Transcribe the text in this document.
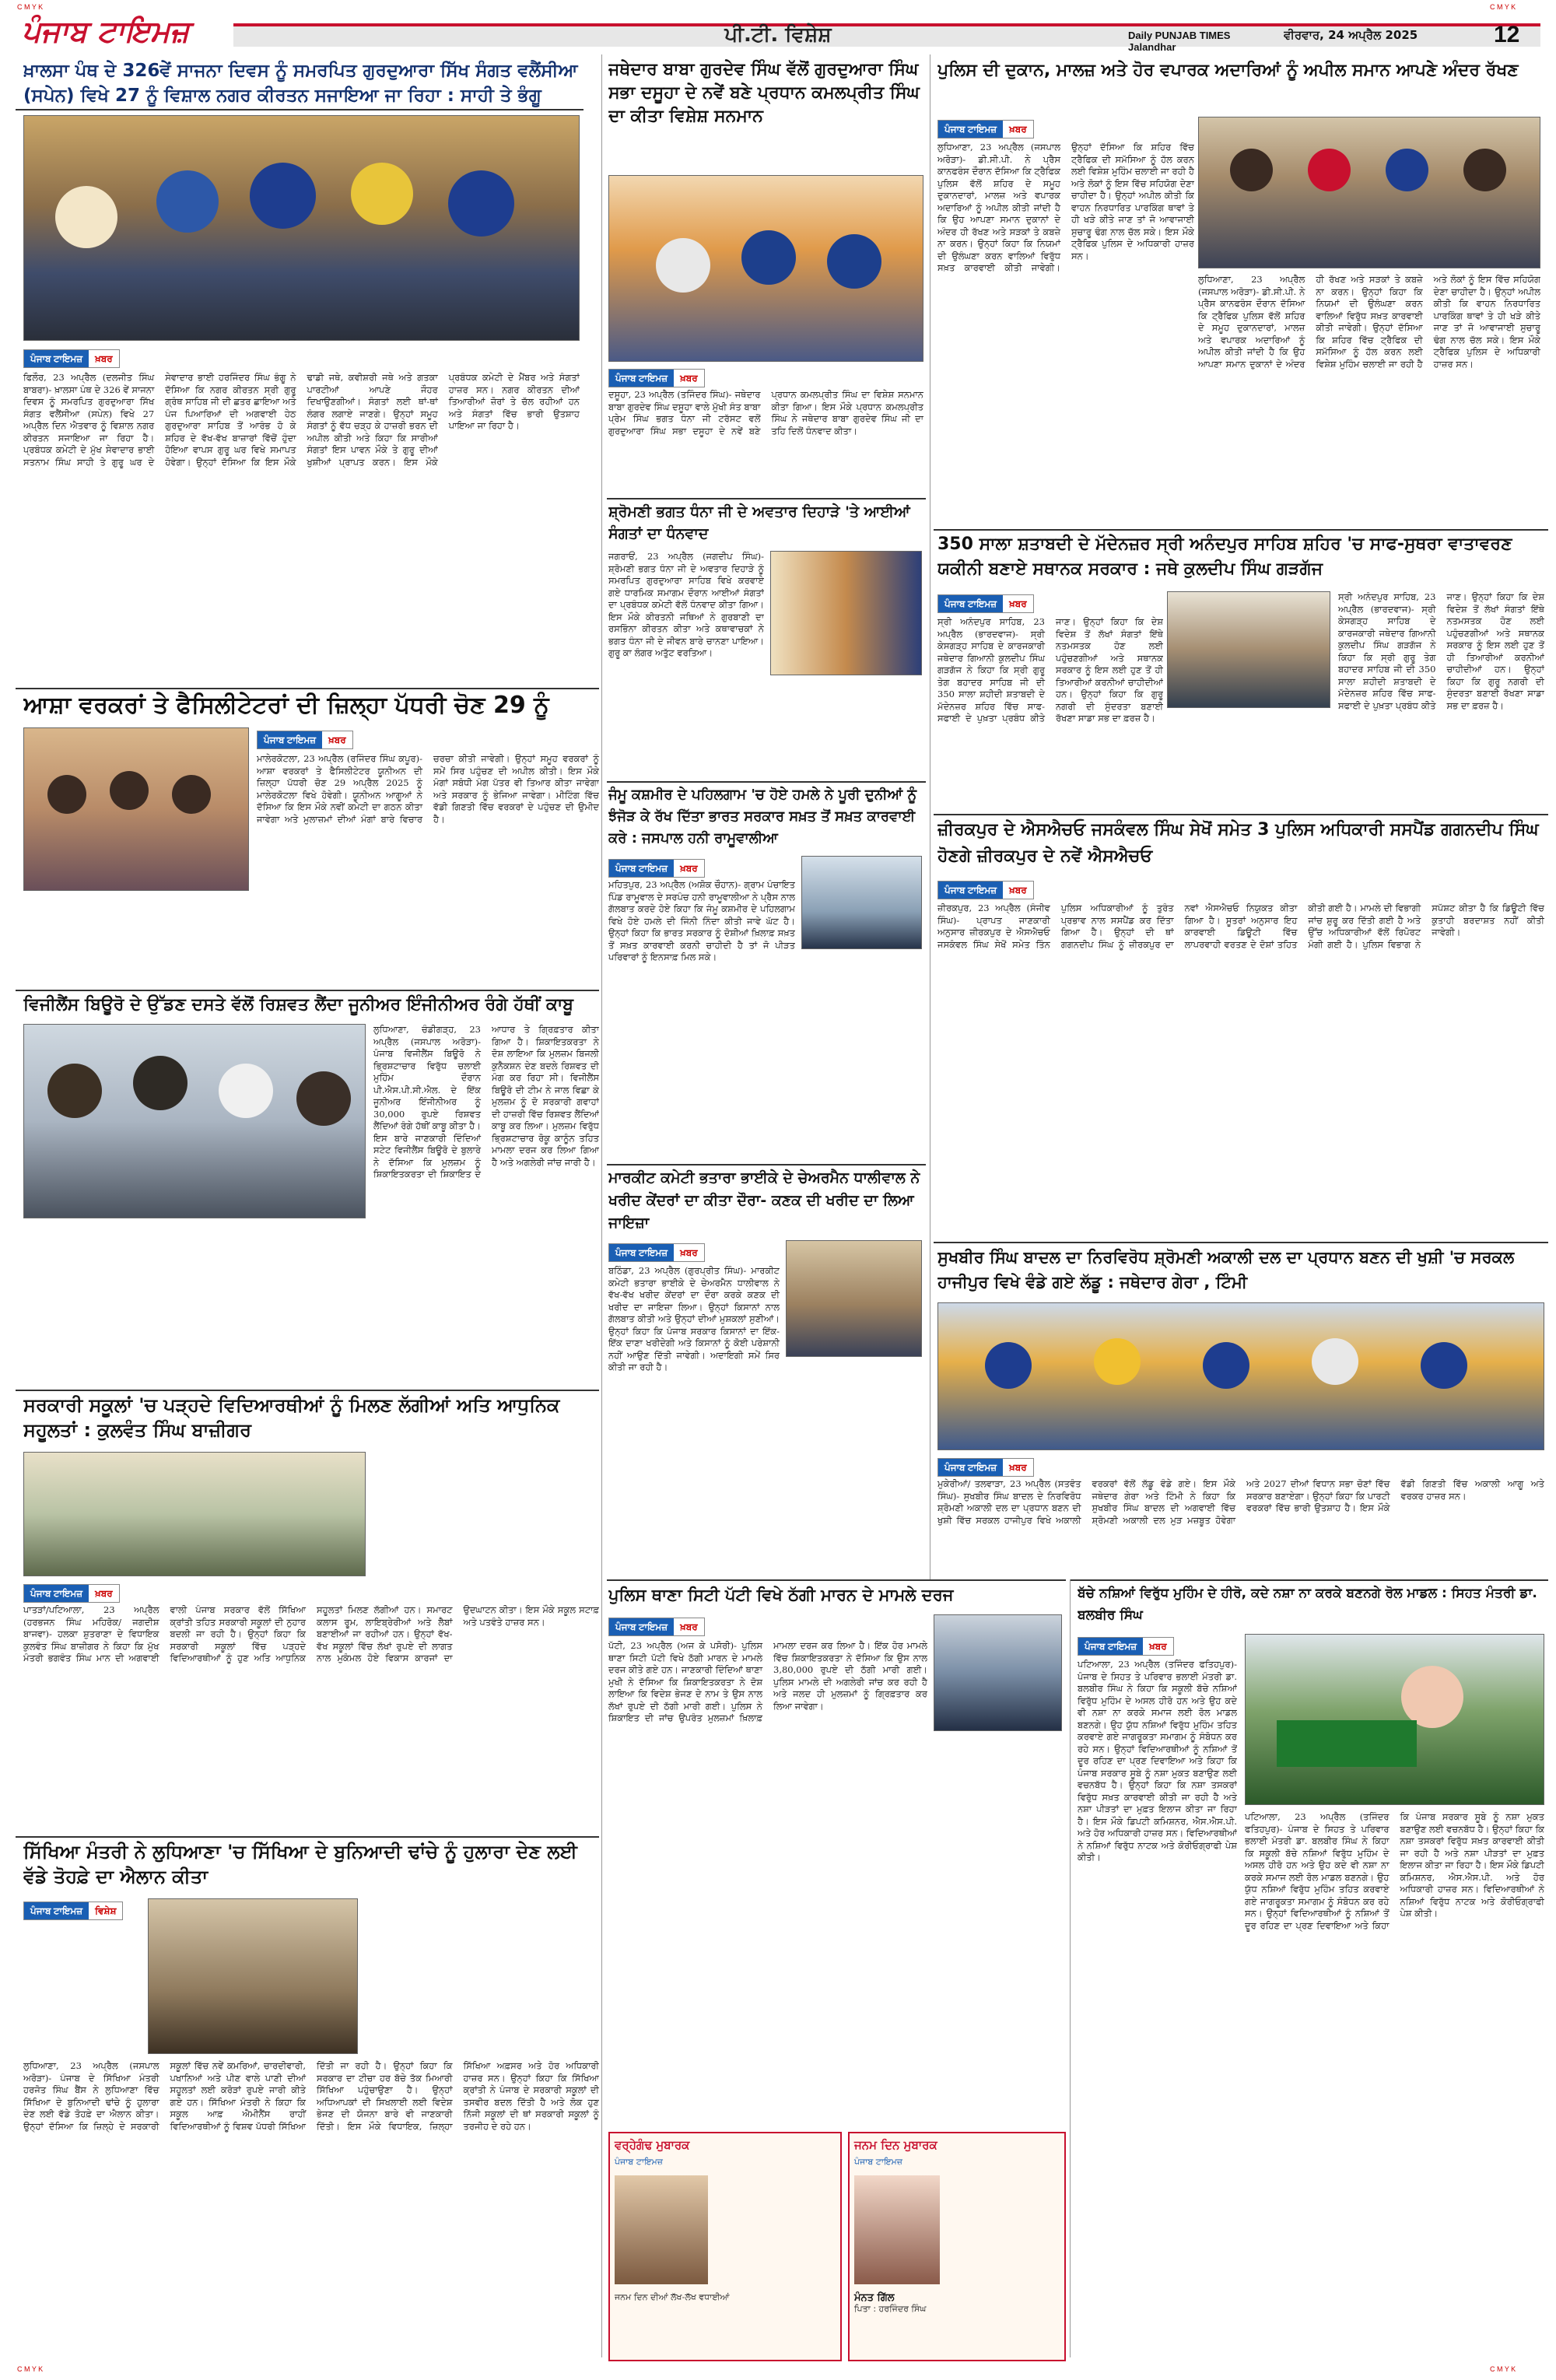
C M Y K	C M Y K
ਪੰਜਾਬ ਟਾਇਮਜ਼	ਪੀ.ਟੀ. ਵਿਸ਼ੇਸ਼	Daily PUNJAB TIMES Jalandhar
ਵੀਰਵਾਰ, 24 ਅਪ੍ਰੈਲ 2025	12
ਖ਼ਾਲਸਾ ਪੰਥ ਦੇ 326ਵੇਂ ਸਾਜਨਾ ਦਿਵਸ ਨੂੰ ਸਮਰਪਿਤ ਗੁਰਦੁਆਰਾ ਸਿੱਖ ਸੰਗਤ ਵਲੈਂਸੀਆ (ਸਪੇਨ) ਵਿਖੇ 27 ਨੂੰ ਵਿਸ਼ਾਲ ਨਗਰ ਕੀਰਤਨ ਸਜਾਇਆ ਜਾ ਰਿਹਾ : ਸਾਹੀ ਤੇ ਭੰਗੂ
ਪੰਜਾਬ ਟਾਇਮਜ਼	ਖ਼ਬਰ
ਫਿਲੌਰ, 23 ਅਪ੍ਰੈਲ (ਦਲਜੀਤ ਸਿੰਘ ਬਾਬਰਾ)- ਖ਼ਾਲਸਾ ਪੰਥ ਦੇ 326 ਵੇਂ ਸਾਜਨਾ ਦਿਵਸ ਨੂੰ ਸਮਰਪਿਤ ਗੁਰਦੁਆਰਾ ਸਿੱਖ ਸੰਗਤ ਵਲੈਂਸੀਆ (ਸਪੇਨ) ਵਿਖੇ 27 ਅਪ੍ਰੈਲ ਦਿਨ ਐਤਵਾਰ ਨੂੰ ਵਿਸ਼ਾਲ ਨਗਰ ਕੀਰਤਨ ਸਜਾਇਆ ਜਾ ਰਿਹਾ ਹੈ। ਪ੍ਰਬੰਧਕ ਕਮੇਟੀ ਦੇ ਮੁੱਖ ਸੇਵਾਦਾਰ ਭਾਈ ਸਤਨਾਮ ਸਿੰਘ ਸਾਹੀ ਤੇ ਗੁਰੂ ਘਰ ਦੇ ਸੇਵਾਦਾਰ ਭਾਈ ਹਰਜਿੰਦਰ ਸਿੰਘ ਭੰਗੂ ਨੇ ਦੱਸਿਆ ਕਿ ਨਗਰ ਕੀਰਤਨ ਸ੍ਰੀ ਗੁਰੂ ਗ੍ਰੰਥ ਸਾਹਿਬ ਜੀ ਦੀ ਛਤਰ ਛਾਇਆ ਅਤੇ ਪੰਜ ਪਿਆਰਿਆਂ ਦੀ ਅਗਵਾਈ ਹੇਠ ਗੁਰਦੁਆਰਾ ਸਾਹਿਬ ਤੋਂ ਆਰੰਭ ਹੋ ਕੇ ਸ਼ਹਿਰ ਦੇ ਵੱਖ-ਵੱਖ ਬਾਜ਼ਾਰਾਂ ਵਿੱਚੋਂ ਹੁੰਦਾ ਹੋਇਆ ਵਾਪਸ ਗੁਰੂ ਘਰ ਵਿਖੇ ਸਮਾਪਤ ਹੋਵੇਗਾ। ਉਨ੍ਹਾਂ ਦੱਸਿਆ ਕਿ ਇਸ ਮੌਕੇ ਢਾਡੀ ਜਥੇ, ਕਵੀਸ਼ਰੀ ਜਥੇ ਅਤੇ ਗਤਕਾ ਪਾਰਟੀਆਂ ਆਪਣੇ ਜੌਹਰ ਦਿਖਾਉਣਗੀਆਂ। ਸੰਗਤਾਂ ਲਈ ਥਾਂ-ਥਾਂ ਲੰਗਰ ਲਗਾਏ ਜਾਣਗੇ। ਉਨ੍ਹਾਂ ਸਮੂਹ ਸੰਗਤਾਂ ਨੂੰ ਵੱਧ ਚੜ੍ਹ ਕੇ ਹਾਜ਼ਰੀ ਭਰਨ ਦੀ ਅਪੀਲ ਕੀਤੀ ਅਤੇ ਕਿਹਾ ਕਿ ਸਾਰੀਆਂ ਸੰਗਤਾਂ ਇਸ ਪਾਵਨ ਮੌਕੇ ਤੇ ਗੁਰੂ ਦੀਆਂ ਖੁਸ਼ੀਆਂ ਪ੍ਰਾਪਤ ਕਰਨ। ਇਸ ਮੌਕੇ ਪ੍ਰਬੰਧਕ ਕਮੇਟੀ ਦੇ ਮੈਂਬਰ ਅਤੇ ਸੰਗਤਾਂ ਹਾਜ਼ਰ ਸਨ। ਨਗਰ ਕੀਰਤਨ ਦੀਆਂ ਤਿਆਰੀਆਂ ਜ਼ੋਰਾਂ ਤੇ ਚੱਲ ਰਹੀਆਂ ਹਨ ਅਤੇ ਸੰਗਤਾਂ ਵਿੱਚ ਭਾਰੀ ਉਤਸ਼ਾਹ ਪਾਇਆ ਜਾ ਰਿਹਾ ਹੈ।
ਆਸ਼ਾ ਵਰਕਰਾਂ ਤੇ ਫੈਸਿਲੀਟੇਟਰਾਂ ਦੀ ਜ਼ਿਲ੍ਹਾ ਪੱਧਰੀ ਚੋਣ 29 ਨੂੰ
ਪੰਜਾਬ ਟਾਇਮਜ਼	ਖ਼ਬਰ
ਮਾਲੇਰਕੋਟਲਾ, 23 ਅਪ੍ਰੈਲ (ਰਜਿੰਦਰ ਸਿੰਘ ਕਪੂਰ)- ਆਸ਼ਾ ਵਰਕਰਾਂ ਤੇ ਫੈਸਿਲੀਟੇਟਰ ਯੂਨੀਅਨ ਦੀ ਜ਼ਿਲ੍ਹਾ ਪੱਧਰੀ ਚੋਣ 29 ਅਪ੍ਰੈਲ 2025 ਨੂੰ ਮਾਲੇਰਕੋਟਲਾ ਵਿਖੇ ਹੋਵੇਗੀ। ਯੂਨੀਅਨ ਆਗੂਆਂ ਨੇ ਦੱਸਿਆ ਕਿ ਇਸ ਮੌਕੇ ਨਵੀਂ ਕਮੇਟੀ ਦਾ ਗਠਨ ਕੀਤਾ ਜਾਵੇਗਾ ਅਤੇ ਮੁਲਾਜ਼ਮਾਂ ਦੀਆਂ ਮੰਗਾਂ ਬਾਰੇ ਵਿਚਾਰ ਚਰਚਾ ਕੀਤੀ ਜਾਵੇਗੀ। ਉਨ੍ਹਾਂ ਸਮੂਹ ਵਰਕਰਾਂ ਨੂੰ ਸਮੇਂ ਸਿਰ ਪਹੁੰਚਣ ਦੀ ਅਪੀਲ ਕੀਤੀ। ਇਸ ਮੌਕੇ ਮੰਗਾਂ ਸਬੰਧੀ ਮੰਗ ਪੱਤਰ ਵੀ ਤਿਆਰ ਕੀਤਾ ਜਾਵੇਗਾ ਅਤੇ ਸਰਕਾਰ ਨੂੰ ਭੇਜਿਆ ਜਾਵੇਗਾ। ਮੀਟਿੰਗ ਵਿੱਚ ਵੱਡੀ ਗਿਣਤੀ ਵਿੱਚ ਵਰਕਰਾਂ ਦੇ ਪਹੁੰਚਣ ਦੀ ਉਮੀਦ ਹੈ।
ਵਿਜੀਲੈਂਸ ਬਿਊਰੋ ਦੇ ਉੱਡਣ ਦਸਤੇ ਵੱਲੋਂ ਰਿਸ਼ਵਤ ਲੈਂਦਾ ਜੂਨੀਅਰ ਇੰਜੀਨੀਅਰ ਰੰਗੇ ਹੱਥੀਂ ਕਾਬੂ
ਲੁਧਿਆਣਾ, ਚੰਡੀਗੜ੍ਹ, 23 ਅਪ੍ਰੈਲ (ਜਸਪਾਲ ਅਰੋੜਾ)- ਪੰਜਾਬ ਵਿਜੀਲੈਂਸ ਬਿਊਰੋ ਨੇ ਭ੍ਰਿਸ਼ਟਾਚਾਰ ਵਿਰੁੱਧ ਚਲਾਈ ਮੁਹਿੰਮ ਦੌਰਾਨ ਪੀ.ਐਸ.ਪੀ.ਸੀ.ਐਲ. ਦੇ ਇੱਕ ਜੂਨੀਅਰ ਇੰਜੀਨੀਅਰ ਨੂੰ 30,000 ਰੁਪਏ ਰਿਸ਼ਵਤ ਲੈਂਦਿਆਂ ਰੰਗੇ ਹੱਥੀਂ ਕਾਬੂ ਕੀਤਾ ਹੈ। ਇਸ ਬਾਰੇ ਜਾਣਕਾਰੀ ਦਿੰਦਿਆਂ ਸਟੇਟ ਵਿਜੀਲੈਂਸ ਬਿਊਰੋ ਦੇ ਬੁਲਾਰੇ ਨੇ ਦੱਸਿਆ ਕਿ ਮੁਲਜ਼ਮ ਨੂੰ ਸ਼ਿਕਾਇਤਕਰਤਾ ਦੀ ਸ਼ਿਕਾਇਤ ਦੇ ਆਧਾਰ ਤੇ ਗ੍ਰਿਫ਼ਤਾਰ ਕੀਤਾ ਗਿਆ ਹੈ। ਸ਼ਿਕਾਇਤਕਰਤਾ ਨੇ ਦੋਸ਼ ਲਾਇਆ ਕਿ ਮੁਲਜ਼ਮ ਬਿਜਲੀ ਕੁਨੈਕਸ਼ਨ ਦੇਣ ਬਦਲੇ ਰਿਸ਼ਵਤ ਦੀ ਮੰਗ ਕਰ ਰਿਹਾ ਸੀ। ਵਿਜੀਲੈਂਸ ਬਿਊਰੋ ਦੀ ਟੀਮ ਨੇ ਜਾਲ ਵਿਛਾ ਕੇ ਮੁਲਜ਼ਮ ਨੂੰ ਦੋ ਸਰਕਾਰੀ ਗਵਾਹਾਂ ਦੀ ਹਾਜ਼ਰੀ ਵਿੱਚ ਰਿਸ਼ਵਤ ਲੈਂਦਿਆਂ ਕਾਬੂ ਕਰ ਲਿਆ। ਮੁਲਜ਼ਮ ਵਿਰੁੱਧ ਭ੍ਰਿਸ਼ਟਾਚਾਰ ਰੋਕੂ ਕਾਨੂੰਨ ਤਹਿਤ ਮਾਮਲਾ ਦਰਜ ਕਰ ਲਿਆ ਗਿਆ ਹੈ ਅਤੇ ਅਗਲੇਰੀ ਜਾਂਚ ਜਾਰੀ ਹੈ।
ਸਰਕਾਰੀ ਸਕੂਲਾਂ 'ਚ ਪੜ੍ਹਦੇ ਵਿਦਿਆਰਥੀਆਂ ਨੂੰ ਮਿਲਣ ਲੱਗੀਆਂ ਅਤਿ ਆਧੁਨਿਕ ਸਹੂਲਤਾਂ : ਕੁਲਵੰਤ ਸਿੰਘ ਬਾਜ਼ੀਗਰ
ਪੰਜਾਬ ਟਾਇਮਜ਼	ਖ਼ਬਰ
ਪਾਤੜਾਂ/ਪਟਿਆਲਾ, 23 ਅਪ੍ਰੈਲ (ਹਰਭਜਨ ਸਿੰਘ ਮਹਿਰੋਕ/ ਜਗਦੀਸ਼ ਬਾਜਵਾ)- ਹਲਕਾ ਸ਼ੁਤਰਾਣਾ ਦੇ ਵਿਧਾਇਕ ਕੁਲਵੰਤ ਸਿੰਘ ਬਾਜ਼ੀਗਰ ਨੇ ਕਿਹਾ ਕਿ ਮੁੱਖ ਮੰਤਰੀ ਭਗਵੰਤ ਸਿੰਘ ਮਾਨ ਦੀ ਅਗਵਾਈ ਵਾਲੀ ਪੰਜਾਬ ਸਰਕਾਰ ਵੱਲੋਂ ਸਿੱਖਿਆ ਕ੍ਰਾਂਤੀ ਤਹਿਤ ਸਰਕਾਰੀ ਸਕੂਲਾਂ ਦੀ ਨੁਹਾਰ ਬਦਲੀ ਜਾ ਰਹੀ ਹੈ। ਉਨ੍ਹਾਂ ਕਿਹਾ ਕਿ ਸਰਕਾਰੀ ਸਕੂਲਾਂ ਵਿੱਚ ਪੜ੍ਹਦੇ ਵਿਦਿਆਰਥੀਆਂ ਨੂੰ ਹੁਣ ਅਤਿ ਆਧੁਨਿਕ ਸਹੂਲਤਾਂ ਮਿਲਣ ਲੱਗੀਆਂ ਹਨ। ਸਮਾਰਟ ਕਲਾਸ ਰੂਮ, ਲਾਇਬ੍ਰੇਰੀਆਂ ਅਤੇ ਲੈਬਾਂ ਬਣਾਈਆਂ ਜਾ ਰਹੀਆਂ ਹਨ। ਉਨ੍ਹਾਂ ਵੱਖ-ਵੱਖ ਸਕੂਲਾਂ ਵਿੱਚ ਲੱਖਾਂ ਰੁਪਏ ਦੀ ਲਾਗਤ ਨਾਲ ਮੁਕੰਮਲ ਹੋਏ ਵਿਕਾਸ ਕਾਰਜਾਂ ਦਾ ਉਦਘਾਟਨ ਕੀਤਾ। ਇਸ ਮੌਕੇ ਸਕੂਲ ਸਟਾਫ਼ ਅਤੇ ਪਤਵੰਤੇ ਹਾਜ਼ਰ ਸਨ।
ਸਿੱਖਿਆ ਮੰਤਰੀ ਨੇ ਲੁਧਿਆਣਾ 'ਚ ਸਿੱਖਿਆ ਦੇ ਬੁਨਿਆਦੀ ਢਾਂਚੇ ਨੂੰ ਹੁਲਾਰਾ ਦੇਣ ਲਈ ਵੱਡੇ ਤੋਹਫ਼ੇ ਦਾ ਐਲਾਨ ਕੀਤਾ
ਪੰਜਾਬ ਟਾਇਮਜ਼	ਵਿਸ਼ੇਸ਼
ਲੁਧਿਆਣਾ, 23 ਅਪ੍ਰੈਲ (ਜਸਪਾਲ ਅਰੋੜਾ)- ਪੰਜਾਬ ਦੇ ਸਿੱਖਿਆ ਮੰਤਰੀ ਹਰਜੋਤ ਸਿੰਘ ਬੈਂਸ ਨੇ ਲੁਧਿਆਣਾ ਵਿੱਚ ਸਿੱਖਿਆ ਦੇ ਬੁਨਿਆਦੀ ਢਾਂਚੇ ਨੂੰ ਹੁਲਾਰਾ ਦੇਣ ਲਈ ਵੱਡੇ ਤੋਹਫ਼ੇ ਦਾ ਐਲਾਨ ਕੀਤਾ। ਉਨ੍ਹਾਂ ਦੱਸਿਆ ਕਿ ਜ਼ਿਲ੍ਹੇ ਦੇ ਸਰਕਾਰੀ ਸਕੂਲਾਂ ਵਿੱਚ ਨਵੇਂ ਕਮਰਿਆਂ, ਚਾਰਦੀਵਾਰੀ, ਪਖਾਨਿਆਂ ਅਤੇ ਪੀਣ ਵਾਲੇ ਪਾਣੀ ਦੀਆਂ ਸਹੂਲਤਾਂ ਲਈ ਕਰੋੜਾਂ ਰੁਪਏ ਜਾਰੀ ਕੀਤੇ ਗਏ ਹਨ। ਸਿੱਖਿਆ ਮੰਤਰੀ ਨੇ ਕਿਹਾ ਕਿ ਸਕੂਲ ਆਫ਼ ਐਮੀਨੈਂਸ ਰਾਹੀਂ ਵਿਦਿਆਰਥੀਆਂ ਨੂੰ ਵਿਸ਼ਵ ਪੱਧਰੀ ਸਿੱਖਿਆ ਦਿੱਤੀ ਜਾ ਰਹੀ ਹੈ। ਉਨ੍ਹਾਂ ਕਿਹਾ ਕਿ ਸਰਕਾਰ ਦਾ ਟੀਚਾ ਹਰ ਬੱਚੇ ਤੱਕ ਮਿਆਰੀ ਸਿੱਖਿਆ ਪਹੁੰਚਾਉਣਾ ਹੈ। ਉਨ੍ਹਾਂ ਅਧਿਆਪਕਾਂ ਦੀ ਸਿਖਲਾਈ ਲਈ ਵਿਦੇਸ਼ ਭੇਜਣ ਦੀ ਯੋਜਨਾ ਬਾਰੇ ਵੀ ਜਾਣਕਾਰੀ ਦਿੱਤੀ। ਇਸ ਮੌਕੇ ਵਿਧਾਇਕ, ਜ਼ਿਲ੍ਹਾ ਸਿੱਖਿਆ ਅਫ਼ਸਰ ਅਤੇ ਹੋਰ ਅਧਿਕਾਰੀ ਹਾਜ਼ਰ ਸਨ। ਉਨ੍ਹਾਂ ਕਿਹਾ ਕਿ ਸਿੱਖਿਆ ਕ੍ਰਾਂਤੀ ਨੇ ਪੰਜਾਬ ਦੇ ਸਰਕਾਰੀ ਸਕੂਲਾਂ ਦੀ ਤਸਵੀਰ ਬਦਲ ਦਿੱਤੀ ਹੈ ਅਤੇ ਲੋਕ ਹੁਣ ਨਿੱਜੀ ਸਕੂਲਾਂ ਦੀ ਥਾਂ ਸਰਕਾਰੀ ਸਕੂਲਾਂ ਨੂੰ ਤਰਜੀਹ ਦੇ ਰਹੇ ਹਨ।
ਜਥੇਦਾਰ ਬਾਬਾ ਗੁਰਦੇਵ ਸਿੰਘ ਵੱਲੋਂ ਗੁਰਦੁਆਰਾ ਸਿੰਘ ਸਭਾ ਦਸੂਹਾ ਦੇ ਨਵੇਂ ਬਣੇ ਪ੍ਰਧਾਨ ਕਮਲਪ੍ਰੀਤ ਸਿੰਘ ਦਾ ਕੀਤਾ ਵਿਸ਼ੇਸ਼ ਸਨਮਾਨ
ਪੰਜਾਬ ਟਾਇਮਜ਼	ਖ਼ਬਰ
ਦਸੂਹਾ, 23 ਅਪ੍ਰੈਲ (ਤਜਿੰਦਰ ਸਿੰਘ)- ਜਥੇਦਾਰ ਬਾਬਾ ਗੁਰਦੇਵ ਸਿੰਘ ਦਸੂਹਾ ਵਾਲੇ ਮੁੱਖੀ ਸੰਤ ਬਾਬਾ ਪ੍ਰੇਮ ਸਿੰਘ ਭਗਤ ਧੰਨਾ ਜੀ ਟਰੱਸਟ ਵਲੋਂ ਗੁਰਦੁਆਰਾ ਸਿੰਘ ਸਭਾ ਦਸੂਹਾ ਦੇ ਨਵੇਂ ਬਣੇ ਪ੍ਰਧਾਨ ਕਮਲਪ੍ਰੀਤ ਸਿੰਘ ਦਾ ਵਿਸ਼ੇਸ਼ ਸਨਮਾਨ ਕੀਤਾ ਗਿਆ। ਇਸ ਮੌਕੇ ਪ੍ਰਧਾਨ ਕਮਲਪ੍ਰੀਤ ਸਿੰਘ ਨੇ ਜਥੇਦਾਰ ਬਾਬਾ ਗੁਰਦੇਵ ਸਿੰਘ ਜੀ ਦਾ ਤਹਿ ਦਿਲੋਂ ਧੰਨਵਾਦ ਕੀਤਾ।
ਸ਼੍ਰੋਮਣੀ ਭਗਤ ਧੰਨਾ ਜੀ ਦੇ ਅਵਤਾਰ ਦਿਹਾੜੇ 'ਤੇ ਆਈਆਂ ਸੰਗਤਾਂ ਦਾ ਧੰਨਵਾਦ
ਜਗਰਾਓਂ, 23 ਅਪ੍ਰੈਲ (ਜਗਦੀਪ ਸਿੰਘ)- ਸ਼੍ਰੋਮਣੀ ਭਗਤ ਧੰਨਾ ਜੀ ਦੇ ਅਵਤਾਰ ਦਿਹਾੜੇ ਨੂੰ ਸਮਰਪਿਤ ਗੁਰਦੁਆਰਾ ਸਾਹਿਬ ਵਿਖੇ ਕਰਵਾਏ ਗਏ ਧਾਰਮਿਕ ਸਮਾਗਮ ਦੌਰਾਨ ਆਈਆਂ ਸੰਗਤਾਂ ਦਾ ਪ੍ਰਬੰਧਕ ਕਮੇਟੀ ਵੱਲੋਂ ਧੰਨਵਾਦ ਕੀਤਾ ਗਿਆ। ਇਸ ਮੌਕੇ ਕੀਰਤਨੀ ਜਥਿਆਂ ਨੇ ਗੁਰਬਾਣੀ ਦਾ ਰਸਭਿੰਨਾ ਕੀਰਤਨ ਕੀਤਾ ਅਤੇ ਕਥਾਵਾਚਕਾਂ ਨੇ ਭਗਤ ਧੰਨਾ ਜੀ ਦੇ ਜੀਵਨ ਬਾਰੇ ਚਾਨਣਾ ਪਾਇਆ। ਗੁਰੂ ਕਾ ਲੰਗਰ ਅਤੁੱਟ ਵਰਤਿਆ।
ਜੰਮੂ ਕਸ਼ਮੀਰ ਦੇ ਪਹਿਲਗਾਮ 'ਚ ਹੋਏ ਹਮਲੇ ਨੇ ਪੂਰੀ ਦੁਨੀਆਂ ਨੂੰ ਝੰਜੋੜ ਕੇ ਰੱਖ ਦਿੱਤਾ ਭਾਰਤ ਸਰਕਾਰ ਸਖ਼ਤ ਤੋਂ ਸਖ਼ਤ ਕਾਰਵਾਈ ਕਰੇ : ਜਸਪਾਲ ਹਨੀ ਰਾਮੂਵਾਲੀਆ
ਪੰਜਾਬ ਟਾਇਮਜ਼	ਖ਼ਬਰ
ਮਹਿਤਪੁਰ, 23 ਅਪ੍ਰੈਲ (ਅਸ਼ੋਕ ਚੌਹਾਨ)- ਗ੍ਰਾਮ ਪੰਚਾਇਤ ਪਿੰਡ ਰਾਮੂਵਾਲ ਦੇ ਸਰਪੰਚ ਹਨੀ ਰਾਮੂਵਾਲੀਆ ਨੇ ਪ੍ਰੈਸ ਨਾਲ ਗੱਲਬਾਤ ਕਰਦੇ ਹੋਏ ਕਿਹਾ ਕਿ ਜੰਮੂ ਕਸ਼ਮੀਰ ਦੇ ਪਹਿਲਗਾਮ ਵਿਖੇ ਹੋਏ ਹਮਲੇ ਦੀ ਜਿੰਨੀ ਨਿੰਦਾ ਕੀਤੀ ਜਾਵੇ ਘੱਟ ਹੈ। ਉਨ੍ਹਾਂ ਕਿਹਾ ਕਿ ਭਾਰਤ ਸਰਕਾਰ ਨੂੰ ਦੋਸ਼ੀਆਂ ਖ਼ਿਲਾਫ਼ ਸਖ਼ਤ ਤੋਂ ਸਖ਼ਤ ਕਾਰਵਾਈ ਕਰਨੀ ਚਾਹੀਦੀ ਹੈ ਤਾਂ ਜੋ ਪੀੜਤ ਪਰਿਵਾਰਾਂ ਨੂੰ ਇਨਸਾਫ਼ ਮਿਲ ਸਕੇ।
ਮਾਰਕੀਟ ਕਮੇਟੀ ਭਤਾਰਾ ਭਾਈਕੇ ਦੇ ਚੇਅਰਮੈਨ ਧਾਲੀਵਾਲ ਨੇ ਖਰੀਦ ਕੇਂਦਰਾਂ ਦਾ ਕੀਤਾ ਦੌਰਾ- ਕਣਕ ਦੀ ਖਰੀਦ ਦਾ ਲਿਆ ਜਾਇਜ਼ਾ
ਪੰਜਾਬ ਟਾਇਮਜ਼	ਖ਼ਬਰ
ਬਠਿੰਡਾ, 23 ਅਪ੍ਰੈਲ (ਗੁਰਪ੍ਰੀਤ ਸਿੰਘ)- ਮਾਰਕੀਟ ਕਮੇਟੀ ਭਤਾਰਾ ਭਾਈਕੇ ਦੇ ਚੇਅਰਮੈਨ ਧਾਲੀਵਾਲ ਨੇ ਵੱਖ-ਵੱਖ ਖਰੀਦ ਕੇਂਦਰਾਂ ਦਾ ਦੌਰਾ ਕਰਕੇ ਕਣਕ ਦੀ ਖਰੀਦ ਦਾ ਜਾਇਜ਼ਾ ਲਿਆ। ਉਨ੍ਹਾਂ ਕਿਸਾਨਾਂ ਨਾਲ ਗੱਲਬਾਤ ਕੀਤੀ ਅਤੇ ਉਨ੍ਹਾਂ ਦੀਆਂ ਮੁਸ਼ਕਲਾਂ ਸੁਣੀਆਂ। ਉਨ੍ਹਾਂ ਕਿਹਾ ਕਿ ਪੰਜਾਬ ਸਰਕਾਰ ਕਿਸਾਨਾਂ ਦਾ ਇੱਕ-ਇੱਕ ਦਾਣਾ ਖਰੀਦੇਗੀ ਅਤੇ ਕਿਸਾਨਾਂ ਨੂੰ ਕੋਈ ਪਰੇਸ਼ਾਨੀ ਨਹੀਂ ਆਉਣ ਦਿੱਤੀ ਜਾਵੇਗੀ। ਅਦਾਇਗੀ ਸਮੇਂ ਸਿਰ ਕੀਤੀ ਜਾ ਰਹੀ ਹੈ।
ਪੁਲਿਸ ਥਾਣਾ ਸਿਟੀ ਪੱਟੀ ਵਿਖੇ ਠੱਗੀ ਮਾਰਨ ਦੇ ਮਾਮਲੇ ਦਰਜ
ਪੰਜਾਬ ਟਾਇਮਜ਼	ਖ਼ਬਰ
ਪੱਟੀ, 23 ਅਪ੍ਰੈਲ (ਅਜ ਕੇ ਪਸੋਰੀ)- ਪੁਲਿਸ ਥਾਣਾ ਸਿਟੀ ਪੱਟੀ ਵਿਖੇ ਠੱਗੀ ਮਾਰਨ ਦੇ ਮਾਮਲੇ ਦਰਜ ਕੀਤੇ ਗਏ ਹਨ। ਜਾਣਕਾਰੀ ਦਿੰਦਿਆਂ ਥਾਣਾ ਮੁਖੀ ਨੇ ਦੱਸਿਆ ਕਿ ਸ਼ਿਕਾਇਤਕਰਤਾ ਨੇ ਦੋਸ਼ ਲਾਇਆ ਕਿ ਵਿਦੇਸ਼ ਭੇਜਣ ਦੇ ਨਾਮ ਤੇ ਉਸ ਨਾਲ ਲੱਖਾਂ ਰੁਪਏ ਦੀ ਠੱਗੀ ਮਾਰੀ ਗਈ। ਪੁਲਿਸ ਨੇ ਸ਼ਿਕਾਇਤ ਦੀ ਜਾਂਚ ਉਪਰੰਤ ਮੁਲਜ਼ਮਾਂ ਖ਼ਿਲਾਫ਼ ਮਾਮਲਾ ਦਰਜ ਕਰ ਲਿਆ ਹੈ। ਇੱਕ ਹੋਰ ਮਾਮਲੇ ਵਿੱਚ ਸ਼ਿਕਾਇਤਕਰਤਾ ਨੇ ਦੱਸਿਆ ਕਿ ਉਸ ਨਾਲ 3,80,000 ਰੁਪਏ ਦੀ ਠੱਗੀ ਮਾਰੀ ਗਈ। ਪੁਲਿਸ ਮਾਮਲੇ ਦੀ ਅਗਲੇਰੀ ਜਾਂਚ ਕਰ ਰਹੀ ਹੈ ਅਤੇ ਜਲਦ ਹੀ ਮੁਲਜ਼ਮਾਂ ਨੂੰ ਗ੍ਰਿਫ਼ਤਾਰ ਕਰ ਲਿਆ ਜਾਵੇਗਾ।
ਵਰ੍ਹੇਗੰਢ ਮੁਬਾਰਕ
ਪੰਜਾਬ ਟਾਇਮਜ਼
ਜਨਮ ਦਿਨ ਦੀਆਂ ਲੱਖ-ਲੱਖ ਵਧਾਈਆਂ
ਜਨਮ ਦਿਨ ਮੁਬਾਰਕ
ਪੰਜਾਬ ਟਾਇਮਜ਼
ਮੰਨਤ ਗਿੱਲ
ਪਿਤਾ : ਹਰਜਿੰਦਰ ਸਿੰਘ
ਪੁਲਿਸ ਦੀ ਦੁਕਾਨ, ਮਾਲਜ਼ ਅਤੇ ਹੋਰ ਵਪਾਰਕ ਅਦਾਰਿਆਂ ਨੂੰ ਅਪੀਲ ਸਮਾਨ ਆਪਣੇ ਅੰਦਰ ਰੱਖਣ
ਪੰਜਾਬ ਟਾਇਮਜ਼	ਖ਼ਬਰ
ਲੁਧਿਆਣਾ, 23 ਅਪ੍ਰੈਲ (ਜਸਪਾਲ ਅਰੋੜਾ)- ਡੀ.ਸੀ.ਪੀ. ਨੇ ਪ੍ਰੈਸ ਕਾਨਫਰੰਸ ਦੌਰਾਨ ਦੱਸਿਆ ਕਿ ਟ੍ਰੈਫਿਕ ਪੁਲਿਸ ਵੱਲੋਂ ਸ਼ਹਿਰ ਦੇ ਸਮੂਹ ਦੁਕਾਨਦਾਰਾਂ, ਮਾਲਜ਼ ਅਤੇ ਵਪਾਰਕ ਅਦਾਰਿਆਂ ਨੂੰ ਅਪੀਲ ਕੀਤੀ ਜਾਂਦੀ ਹੈ ਕਿ ਉਹ ਆਪਣਾ ਸਮਾਨ ਦੁਕਾਨਾਂ ਦੇ ਅੰਦਰ ਹੀ ਰੱਖਣ ਅਤੇ ਸੜਕਾਂ ਤੇ ਕਬਜ਼ੇ ਨਾ ਕਰਨ। ਉਨ੍ਹਾਂ ਕਿਹਾ ਕਿ ਨਿਯਮਾਂ ਦੀ ਉਲੰਘਣਾ ਕਰਨ ਵਾਲਿਆਂ ਵਿਰੁੱਧ ਸਖ਼ਤ ਕਾਰਵਾਈ ਕੀਤੀ ਜਾਵੇਗੀ। ਉਨ੍ਹਾਂ ਦੱਸਿਆ ਕਿ ਸ਼ਹਿਰ ਵਿੱਚ ਟ੍ਰੈਫਿਕ ਦੀ ਸਮੱਸਿਆ ਨੂੰ ਹੱਲ ਕਰਨ ਲਈ ਵਿਸ਼ੇਸ਼ ਮੁਹਿੰਮ ਚਲਾਈ ਜਾ ਰਹੀ ਹੈ ਅਤੇ ਲੋਕਾਂ ਨੂੰ ਇਸ ਵਿੱਚ ਸਹਿਯੋਗ ਦੇਣਾ ਚਾਹੀਦਾ ਹੈ। ਉਨ੍ਹਾਂ ਅਪੀਲ ਕੀਤੀ ਕਿ ਵਾਹਨ ਨਿਰਧਾਰਿਤ ਪਾਰਕਿੰਗ ਥਾਵਾਂ ਤੇ ਹੀ ਖੜੇ ਕੀਤੇ ਜਾਣ ਤਾਂ ਜੋ ਆਵਾਜਾਈ ਸੁਚਾਰੂ ਢੰਗ ਨਾਲ ਚੱਲ ਸਕੇ। ਇਸ ਮੌਕੇ ਟ੍ਰੈਫਿਕ ਪੁਲਿਸ ਦੇ ਅਧਿਕਾਰੀ ਹਾਜ਼ਰ ਸਨ।
ਲੁਧਿਆਣਾ, 23 ਅਪ੍ਰੈਲ (ਜਸਪਾਲ ਅਰੋੜਾ)- ਡੀ.ਸੀ.ਪੀ. ਨੇ ਪ੍ਰੈਸ ਕਾਨਫਰੰਸ ਦੌਰਾਨ ਦੱਸਿਆ ਕਿ ਟ੍ਰੈਫਿਕ ਪੁਲਿਸ ਵੱਲੋਂ ਸ਼ਹਿਰ ਦੇ ਸਮੂਹ ਦੁਕਾਨਦਾਰਾਂ, ਮਾਲਜ਼ ਅਤੇ ਵਪਾਰਕ ਅਦਾਰਿਆਂ ਨੂੰ ਅਪੀਲ ਕੀਤੀ ਜਾਂਦੀ ਹੈ ਕਿ ਉਹ ਆਪਣਾ ਸਮਾਨ ਦੁਕਾਨਾਂ ਦੇ ਅੰਦਰ ਹੀ ਰੱਖਣ ਅਤੇ ਸੜਕਾਂ ਤੇ ਕਬਜ਼ੇ ਨਾ ਕਰਨ। ਉਨ੍ਹਾਂ ਕਿਹਾ ਕਿ ਨਿਯਮਾਂ ਦੀ ਉਲੰਘਣਾ ਕਰਨ ਵਾਲਿਆਂ ਵਿਰੁੱਧ ਸਖ਼ਤ ਕਾਰਵਾਈ ਕੀਤੀ ਜਾਵੇਗੀ। ਉਨ੍ਹਾਂ ਦੱਸਿਆ ਕਿ ਸ਼ਹਿਰ ਵਿੱਚ ਟ੍ਰੈਫਿਕ ਦੀ ਸਮੱਸਿਆ ਨੂੰ ਹੱਲ ਕਰਨ ਲਈ ਵਿਸ਼ੇਸ਼ ਮੁਹਿੰਮ ਚਲਾਈ ਜਾ ਰਹੀ ਹੈ ਅਤੇ ਲੋਕਾਂ ਨੂੰ ਇਸ ਵਿੱਚ ਸਹਿਯੋਗ ਦੇਣਾ ਚਾਹੀਦਾ ਹੈ। ਉਨ੍ਹਾਂ ਅਪੀਲ ਕੀਤੀ ਕਿ ਵਾਹਨ ਨਿਰਧਾਰਿਤ ਪਾਰਕਿੰਗ ਥਾਵਾਂ ਤੇ ਹੀ ਖੜੇ ਕੀਤੇ ਜਾਣ ਤਾਂ ਜੋ ਆਵਾਜਾਈ ਸੁਚਾਰੂ ਢੰਗ ਨਾਲ ਚੱਲ ਸਕੇ। ਇਸ ਮੌਕੇ ਟ੍ਰੈਫਿਕ ਪੁਲਿਸ ਦੇ ਅਧਿਕਾਰੀ ਹਾਜ਼ਰ ਸਨ।
350 ਸਾਲਾ ਸ਼ਤਾਬਦੀ ਦੇ ਮੱਦੇਨਜ਼ਰ ਸ੍ਰੀ ਅਨੰਦਪੁਰ ਸਾਹਿਬ ਸ਼ਹਿਰ 'ਚ ਸਾਫ-ਸੁਥਰਾ ਵਾਤਾਵਰਣ ਯਕੀਨੀ ਬਣਾਏ ਸਥਾਨਕ ਸਰਕਾਰ : ਜਥੇ ਕੁਲਦੀਪ ਸਿੰਘ ਗੜਗੱਜ
ਪੰਜਾਬ ਟਾਇਮਜ਼	ਖ਼ਬਰ
ਸ੍ਰੀ ਅਨੰਦਪੁਰ ਸਾਹਿਬ, 23 ਅਪ੍ਰੈਲ (ਭਾਰਦਵਾਜ)- ਸ੍ਰੀ ਕੇਸਗੜ੍ਹ ਸਾਹਿਬ ਦੇ ਕਾਰਜਕਾਰੀ ਜਥੇਦਾਰ ਗਿਆਨੀ ਕੁਲਦੀਪ ਸਿੰਘ ਗੜਗੱਜ ਨੇ ਕਿਹਾ ਕਿ ਸ੍ਰੀ ਗੁਰੂ ਤੇਗ ਬਹਾਦਰ ਸਾਹਿਬ ਜੀ ਦੀ 350 ਸਾਲਾ ਸ਼ਹੀਦੀ ਸ਼ਤਾਬਦੀ ਦੇ ਮੱਦੇਨਜ਼ਰ ਸ਼ਹਿਰ ਵਿੱਚ ਸਾਫ-ਸਫਾਈ ਦੇ ਪੁਖ਼ਤਾ ਪ੍ਰਬੰਧ ਕੀਤੇ ਜਾਣ। ਉਨ੍ਹਾਂ ਕਿਹਾ ਕਿ ਦੇਸ਼ ਵਿਦੇਸ਼ ਤੋਂ ਲੱਖਾਂ ਸੰਗਤਾਂ ਇੱਥੇ ਨਤਮਸਤਕ ਹੋਣ ਲਈ ਪਹੁੰਚਣਗੀਆਂ ਅਤੇ ਸਥਾਨਕ ਸਰਕਾਰ ਨੂੰ ਇਸ ਲਈ ਹੁਣ ਤੋਂ ਹੀ ਤਿਆਰੀਆਂ ਕਰਨੀਆਂ ਚਾਹੀਦੀਆਂ ਹਨ। ਉਨ੍ਹਾਂ ਕਿਹਾ ਕਿ ਗੁਰੂ ਨਗਰੀ ਦੀ ਸੁੰਦਰਤਾ ਬਣਾਈ ਰੱਖਣਾ ਸਾਡਾ ਸਭ ਦਾ ਫ਼ਰਜ਼ ਹੈ।
ਸ੍ਰੀ ਅਨੰਦਪੁਰ ਸਾਹਿਬ, 23 ਅਪ੍ਰੈਲ (ਭਾਰਦਵਾਜ)- ਸ੍ਰੀ ਕੇਸਗੜ੍ਹ ਸਾਹਿਬ ਦੇ ਕਾਰਜਕਾਰੀ ਜਥੇਦਾਰ ਗਿਆਨੀ ਕੁਲਦੀਪ ਸਿੰਘ ਗੜਗੱਜ ਨੇ ਕਿਹਾ ਕਿ ਸ੍ਰੀ ਗੁਰੂ ਤੇਗ ਬਹਾਦਰ ਸਾਹਿਬ ਜੀ ਦੀ 350 ਸਾਲਾ ਸ਼ਹੀਦੀ ਸ਼ਤਾਬਦੀ ਦੇ ਮੱਦੇਨਜ਼ਰ ਸ਼ਹਿਰ ਵਿੱਚ ਸਾਫ-ਸਫਾਈ ਦੇ ਪੁਖ਼ਤਾ ਪ੍ਰਬੰਧ ਕੀਤੇ ਜਾਣ। ਉਨ੍ਹਾਂ ਕਿਹਾ ਕਿ ਦੇਸ਼ ਵਿਦੇਸ਼ ਤੋਂ ਲੱਖਾਂ ਸੰਗਤਾਂ ਇੱਥੇ ਨਤਮਸਤਕ ਹੋਣ ਲਈ ਪਹੁੰਚਣਗੀਆਂ ਅਤੇ ਸਥਾਨਕ ਸਰਕਾਰ ਨੂੰ ਇਸ ਲਈ ਹੁਣ ਤੋਂ ਹੀ ਤਿਆਰੀਆਂ ਕਰਨੀਆਂ ਚਾਹੀਦੀਆਂ ਹਨ। ਉਨ੍ਹਾਂ ਕਿਹਾ ਕਿ ਗੁਰੂ ਨਗਰੀ ਦੀ ਸੁੰਦਰਤਾ ਬਣਾਈ ਰੱਖਣਾ ਸਾਡਾ ਸਭ ਦਾ ਫ਼ਰਜ਼ ਹੈ।
ਜ਼ੀਰਕਪੁਰ ਦੇ ਐਸਐਚਓ ਜਸਕੰਵਲ ਸਿੰਘ ਸੇਖੋਂ ਸਮੇਤ 3 ਪੁਲਿਸ ਅਧਿਕਾਰੀ ਸਸਪੈਂਡ ਗਗਨਦੀਪ ਸਿੰਘ ਹੋਣਗੇ ਜ਼ੀਰਕਪੁਰ ਦੇ ਨਵੇਂ ਐਸਐਚਓ
ਪੰਜਾਬ ਟਾਇਮਜ਼	ਖ਼ਬਰ
ਜ਼ੀਰਕਪੁਰ, 23 ਅਪ੍ਰੈਲ (ਸੰਜੀਵ ਸਿੰਘ)- ਪ੍ਰਾਪਤ ਜਾਣਕਾਰੀ ਅਨੁਸਾਰ ਜ਼ੀਰਕਪੁਰ ਦੇ ਐਸਐਚਓ ਜਸਕੰਵਲ ਸਿੰਘ ਸੇਖੋਂ ਸਮੇਤ ਤਿੰਨ ਪੁਲਿਸ ਅਧਿਕਾਰੀਆਂ ਨੂੰ ਤੁਰੰਤ ਪ੍ਰਭਾਵ ਨਾਲ ਸਸਪੈਂਡ ਕਰ ਦਿੱਤਾ ਗਿਆ ਹੈ। ਉਨ੍ਹਾਂ ਦੀ ਥਾਂ ਗਗਨਦੀਪ ਸਿੰਘ ਨੂੰ ਜ਼ੀਰਕਪੁਰ ਦਾ ਨਵਾਂ ਐਸਐਚਓ ਨਿਯੁਕਤ ਕੀਤਾ ਗਿਆ ਹੈ। ਸੂਤਰਾਂ ਅਨੁਸਾਰ ਇਹ ਕਾਰਵਾਈ ਡਿਊਟੀ ਵਿੱਚ ਲਾਪਰਵਾਹੀ ਵਰਤਣ ਦੇ ਦੋਸ਼ਾਂ ਤਹਿਤ ਕੀਤੀ ਗਈ ਹੈ। ਮਾਮਲੇ ਦੀ ਵਿਭਾਗੀ ਜਾਂਚ ਸ਼ੁਰੂ ਕਰ ਦਿੱਤੀ ਗਈ ਹੈ ਅਤੇ ਉੱਚ ਅਧਿਕਾਰੀਆਂ ਵੱਲੋਂ ਰਿਪੋਰਟ ਮੰਗੀ ਗਈ ਹੈ। ਪੁਲਿਸ ਵਿਭਾਗ ਨੇ ਸਪੱਸ਼ਟ ਕੀਤਾ ਹੈ ਕਿ ਡਿਊਟੀ ਵਿੱਚ ਕੁਤਾਹੀ ਬਰਦਾਸ਼ਤ ਨਹੀਂ ਕੀਤੀ ਜਾਵੇਗੀ।
ਸੁਖਬੀਰ ਸਿੰਘ ਬਾਦਲ ਦਾ ਨਿਰਵਿਰੋਧ ਸ਼੍ਰੋਮਣੀ ਅਕਾਲੀ ਦਲ ਦਾ ਪ੍ਰਧਾਨ ਬਣਨ ਦੀ ਖੁਸ਼ੀ 'ਚ ਸਰਕਲ ਹਾਜੀਪੁਰ ਵਿਖੇ ਵੰਡੇ ਗਏ ਲੱਡੂ : ਜਥੇਦਾਰ ਗੇਰਾ , ਟਿੰਮੀ
ਪੰਜਾਬ ਟਾਇਮਜ਼	ਖ਼ਬਰ
ਮੁਕੇਰੀਆਂ/ ਤਲਵਾੜਾ, 23 ਅਪ੍ਰੈਲ (ਸਤਵੰਤ ਸਿੰਘ)- ਸੁਖਬੀਰ ਸਿੰਘ ਬਾਦਲ ਦੇ ਨਿਰਵਿਰੋਧ ਸ਼੍ਰੋਮਣੀ ਅਕਾਲੀ ਦਲ ਦਾ ਪ੍ਰਧਾਨ ਬਣਨ ਦੀ ਖੁਸ਼ੀ ਵਿੱਚ ਸਰਕਲ ਹਾਜੀਪੁਰ ਵਿਖੇ ਅਕਾਲੀ ਵਰਕਰਾਂ ਵੱਲੋਂ ਲੱਡੂ ਵੰਡੇ ਗਏ। ਇਸ ਮੌਕੇ ਜਥੇਦਾਰ ਗੇਰਾ ਅਤੇ ਟਿੰਮੀ ਨੇ ਕਿਹਾ ਕਿ ਸੁਖਬੀਰ ਸਿੰਘ ਬਾਦਲ ਦੀ ਅਗਵਾਈ ਵਿੱਚ ਸ਼੍ਰੋਮਣੀ ਅਕਾਲੀ ਦਲ ਮੁੜ ਮਜ਼ਬੂਤ ਹੋਵੇਗਾ ਅਤੇ 2027 ਦੀਆਂ ਵਿਧਾਨ ਸਭਾ ਚੋਣਾਂ ਵਿੱਚ ਸਰਕਾਰ ਬਣਾਏਗਾ। ਉਨ੍ਹਾਂ ਕਿਹਾ ਕਿ ਪਾਰਟੀ ਵਰਕਰਾਂ ਵਿੱਚ ਭਾਰੀ ਉਤਸ਼ਾਹ ਹੈ। ਇਸ ਮੌਕੇ ਵੱਡੀ ਗਿਣਤੀ ਵਿੱਚ ਅਕਾਲੀ ਆਗੂ ਅਤੇ ਵਰਕਰ ਹਾਜ਼ਰ ਸਨ।
ਬੱਚੇ ਨਸ਼ਿਆਂ ਵਿਰੁੱਧ ਮੁਹਿੰਮ ਦੇ ਹੀਰੋ, ਕਦੇ ਨਸ਼ਾ ਨਾ ਕਰਕੇ ਬਣਨਗੇ ਰੋਲ ਮਾਡਲ : ਸਿਹਤ ਮੰਤਰੀ ਡਾ. ਬਲਬੀਰ ਸਿੰਘ
ਪੰਜਾਬ ਟਾਇਮਜ਼	ਖ਼ਬਰ
ਪਟਿਆਲਾ, 23 ਅਪ੍ਰੈਲ (ਤਜਿੰਦਰ ਫਤਿਹਪੁਰ)- ਪੰਜਾਬ ਦੇ ਸਿਹਤ ਤੇ ਪਰਿਵਾਰ ਭਲਾਈ ਮੰਤਰੀ ਡਾ. ਬਲਬੀਰ ਸਿੰਘ ਨੇ ਕਿਹਾ ਕਿ ਸਕੂਲੀ ਬੱਚੇ ਨਸ਼ਿਆਂ ਵਿਰੁੱਧ ਮੁਹਿੰਮ ਦੇ ਅਸਲ ਹੀਰੋ ਹਨ ਅਤੇ ਉਹ ਕਦੇ ਵੀ ਨਸ਼ਾ ਨਾ ਕਰਕੇ ਸਮਾਜ ਲਈ ਰੋਲ ਮਾਡਲ ਬਣਨਗੇ। ਉਹ ਯੁੱਧ ਨਸ਼ਿਆਂ ਵਿਰੁੱਧ ਮੁਹਿੰਮ ਤਹਿਤ ਕਰਵਾਏ ਗਏ ਜਾਗਰੂਕਤਾ ਸਮਾਗਮ ਨੂੰ ਸੰਬੋਧਨ ਕਰ ਰਹੇ ਸਨ। ਉਨ੍ਹਾਂ ਵਿਦਿਆਰਥੀਆਂ ਨੂੰ ਨਸ਼ਿਆਂ ਤੋਂ ਦੂਰ ਰਹਿਣ ਦਾ ਪ੍ਰਣ ਦਿਵਾਇਆ ਅਤੇ ਕਿਹਾ ਕਿ ਪੰਜਾਬ ਸਰਕਾਰ ਸੂਬੇ ਨੂੰ ਨਸ਼ਾ ਮੁਕਤ ਬਣਾਉਣ ਲਈ ਵਚਨਬੱਧ ਹੈ। ਉਨ੍ਹਾਂ ਕਿਹਾ ਕਿ ਨਸ਼ਾ ਤਸਕਰਾਂ ਵਿਰੁੱਧ ਸਖ਼ਤ ਕਾਰਵਾਈ ਕੀਤੀ ਜਾ ਰਹੀ ਹੈ ਅਤੇ ਨਸ਼ਾ ਪੀੜਤਾਂ ਦਾ ਮੁਫ਼ਤ ਇਲਾਜ ਕੀਤਾ ਜਾ ਰਿਹਾ ਹੈ। ਇਸ ਮੌਕੇ ਡਿਪਟੀ ਕਮਿਸ਼ਨਰ, ਐਸ.ਐਸ.ਪੀ. ਅਤੇ ਹੋਰ ਅਧਿਕਾਰੀ ਹਾਜ਼ਰ ਸਨ। ਵਿਦਿਆਰਥੀਆਂ ਨੇ ਨਸ਼ਿਆਂ ਵਿਰੁੱਧ ਨਾਟਕ ਅਤੇ ਕੋਰੀਓਗ੍ਰਾਫੀ ਪੇਸ਼ ਕੀਤੀ।
ਪਟਿਆਲਾ, 23 ਅਪ੍ਰੈਲ (ਤਜਿੰਦਰ ਫਤਿਹਪੁਰ)- ਪੰਜਾਬ ਦੇ ਸਿਹਤ ਤੇ ਪਰਿਵਾਰ ਭਲਾਈ ਮੰਤਰੀ ਡਾ. ਬਲਬੀਰ ਸਿੰਘ ਨੇ ਕਿਹਾ ਕਿ ਸਕੂਲੀ ਬੱਚੇ ਨਸ਼ਿਆਂ ਵਿਰੁੱਧ ਮੁਹਿੰਮ ਦੇ ਅਸਲ ਹੀਰੋ ਹਨ ਅਤੇ ਉਹ ਕਦੇ ਵੀ ਨਸ਼ਾ ਨਾ ਕਰਕੇ ਸਮਾਜ ਲਈ ਰੋਲ ਮਾਡਲ ਬਣਨਗੇ। ਉਹ ਯੁੱਧ ਨਸ਼ਿਆਂ ਵਿਰੁੱਧ ਮੁਹਿੰਮ ਤਹਿਤ ਕਰਵਾਏ ਗਏ ਜਾਗਰੂਕਤਾ ਸਮਾਗਮ ਨੂੰ ਸੰਬੋਧਨ ਕਰ ਰਹੇ ਸਨ। ਉਨ੍ਹਾਂ ਵਿਦਿਆਰਥੀਆਂ ਨੂੰ ਨਸ਼ਿਆਂ ਤੋਂ ਦੂਰ ਰਹਿਣ ਦਾ ਪ੍ਰਣ ਦਿਵਾਇਆ ਅਤੇ ਕਿਹਾ ਕਿ ਪੰਜਾਬ ਸਰਕਾਰ ਸੂਬੇ ਨੂੰ ਨਸ਼ਾ ਮੁਕਤ ਬਣਾਉਣ ਲਈ ਵਚਨਬੱਧ ਹੈ। ਉਨ੍ਹਾਂ ਕਿਹਾ ਕਿ ਨਸ਼ਾ ਤਸਕਰਾਂ ਵਿਰੁੱਧ ਸਖ਼ਤ ਕਾਰਵਾਈ ਕੀਤੀ ਜਾ ਰਹੀ ਹੈ ਅਤੇ ਨਸ਼ਾ ਪੀੜਤਾਂ ਦਾ ਮੁਫ਼ਤ ਇਲਾਜ ਕੀਤਾ ਜਾ ਰਿਹਾ ਹੈ। ਇਸ ਮੌਕੇ ਡਿਪਟੀ ਕਮਿਸ਼ਨਰ, ਐਸ.ਐਸ.ਪੀ. ਅਤੇ ਹੋਰ ਅਧਿਕਾਰੀ ਹਾਜ਼ਰ ਸਨ। ਵਿਦਿਆਰਥੀਆਂ ਨੇ ਨਸ਼ਿਆਂ ਵਿਰੁੱਧ ਨਾਟਕ ਅਤੇ ਕੋਰੀਓਗ੍ਰਾਫੀ ਪੇਸ਼ ਕੀਤੀ।
C M Y K	C M Y K
